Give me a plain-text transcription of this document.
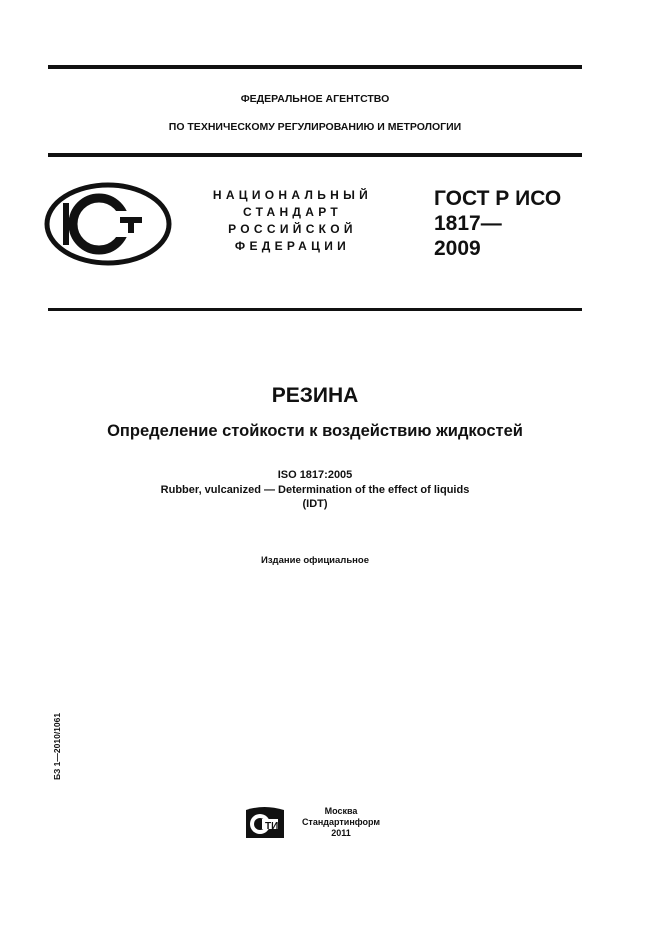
ФЕДЕРАЛЬНОЕ АГЕНТСТВО
ПО ТЕХНИЧЕСКОМУ РЕГУЛИРОВАНИЮ И МЕТРОЛОГИИ
НАЦИОНАЛЬНЫЙ
СТАНДАРТ
РОССИЙСКОЙ
ФЕДЕРАЦИИ
ГОСТ Р ИСО
1817—
2009
РЕЗИНА
Определение стойкости к воздействию жидкостей
ISO 1817:2005
Rubber, vulcanized — Determination of the effect of liquids
(IDT)
Издание официальное
БЗ 1—2010/1061
ТИ
Москва
Стандартинформ
2011
